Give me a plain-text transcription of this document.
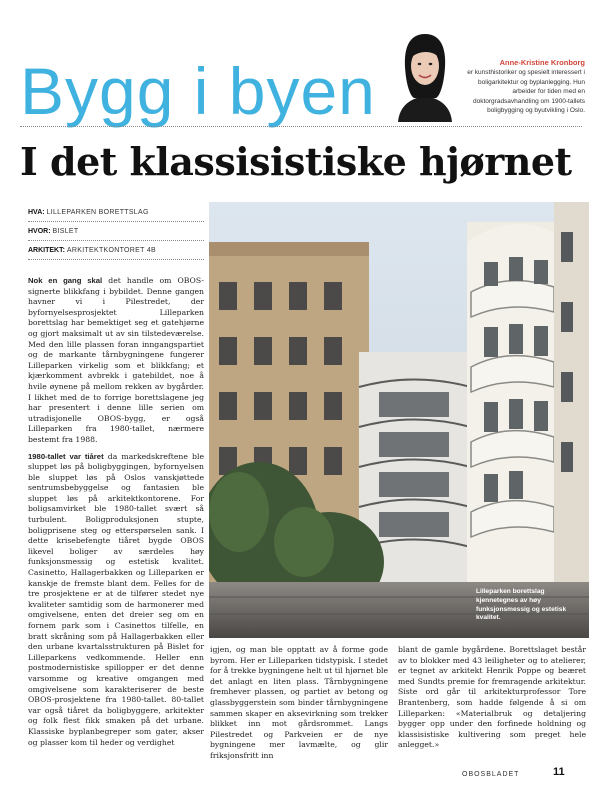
Bygg i byen	Anne-Kristine Kronborg
er kunsthistoriker og spesielt interessert i boligarkitektur og byplanlegging. Hun arbeider for tiden med en doktorgradsavhandling om 1900-tallets boligbygging og byutvikling i Oslo.
I det klassisistiske hjørnet
HVA: LILLEPARKEN BORETTSLAG
HVOR: BISLET
ARKITEKT: ARKITEKTKONTORET 4B

Nok en gang skal det handle om OBOS-signerte blikkfang i bybildet. Denne gangen havner vi i Pilestredet, der byfornyelsesprosjektet Lilleparken borettslag har bemektiget seg et gatehjørne og gjort maksimalt ut av sin tilstedeværelse. Med den lille plassen foran inngangspartiet og de markante tårnbygningene fungerer Lilleparken virkelig som et blikkfang; et kjærkomment avbrekk i gatebildet, noe å hvile øynene på mellom rekken av bygårder. I likhet med de to forrige borettslagene jeg har presentert i denne lille serien om utradisjonelle OBOS-bygg, er også Lilleparken fra 1980-tallet, nærmere bestemt fra 1988.

1980-tallet var tiåret da markedskreftene ble sluppet løs på boligbyggingen, byfornyelsen ble sluppet løs på Oslos vanskjøttede sentrumsbebyggelse og fantasien ble sluppet løs på arkitektkontorene. For boligsamvirket ble 1980-tallet svært så turbulent. Boligproduksjonen stupte, boligprisene steg og etterspørselen sank. I dette krisebefengte tiåret bygde OBOS likevel boliger av særdeles høy funksjonsmessig og estetisk kvalitet. Casinetto, Hallagerbakken og Lilleparken er kanskje de fremste blant dem. Felles for de tre prosjektene er at de tilfører stedet nye kvaliteter samtidig som de harmonerer med omgivelsene, enten det dreier seg om en fornem park som i Casinettos tilfelle, en bratt skråning som på Hallagerbakken eller den urbane kvartalsstrukturen på Bislet for Lilleparkens vedkommende. Heller enn postmodernistiske spillopper er det denne varsomme og kreative omgangen med omgivelsene som karakteriserer de beste OBOS-prosjektene fra 1980-tallet. 80-tallet var også tiåret da boligbyggere, arkitekter og folk flest fikk smaken på det urbane. Klassiske byplanbegreper som gater, akser og plasser kom til heder og verdighet

Lilleparken borettslag kjennetegnes av høy funksjonsmessig og estetisk kvalitet.

igjen, og man ble opptatt av å forme gode byrom. Her er Lilleparken tidstypisk. I stedet for å trekke bygningene helt ut til hjørnet ble det anlagt en liten plass. Tårnbygningene fremhever plassen, og partiet av betong og glassbyggerstein som binder tårnbygningene sammen skaper en aksevirkning som trekker blikket inn mot gårdsrommet. Langs Pilestredet og Parkveien er de nye bygningene mer lavmælte, og glir friksjonsfritt inn

blant de gamle bygårdene. Borettslaget består av to blokker med 43 leiligheter og to atelierer, er tegnet av arkitekt Henrik Poppe og beæret med Sundts premie for fremragende arkitektur. Siste ord går til arkitekturprofessor Tore Brantenberg, som hadde følgende å si om Lilleparken: «Materialbruk og detaljering bygger opp under den forfinede holdning og klassisistiske kultivering som preget hele anlegget.»

OBOSBLADET	11
